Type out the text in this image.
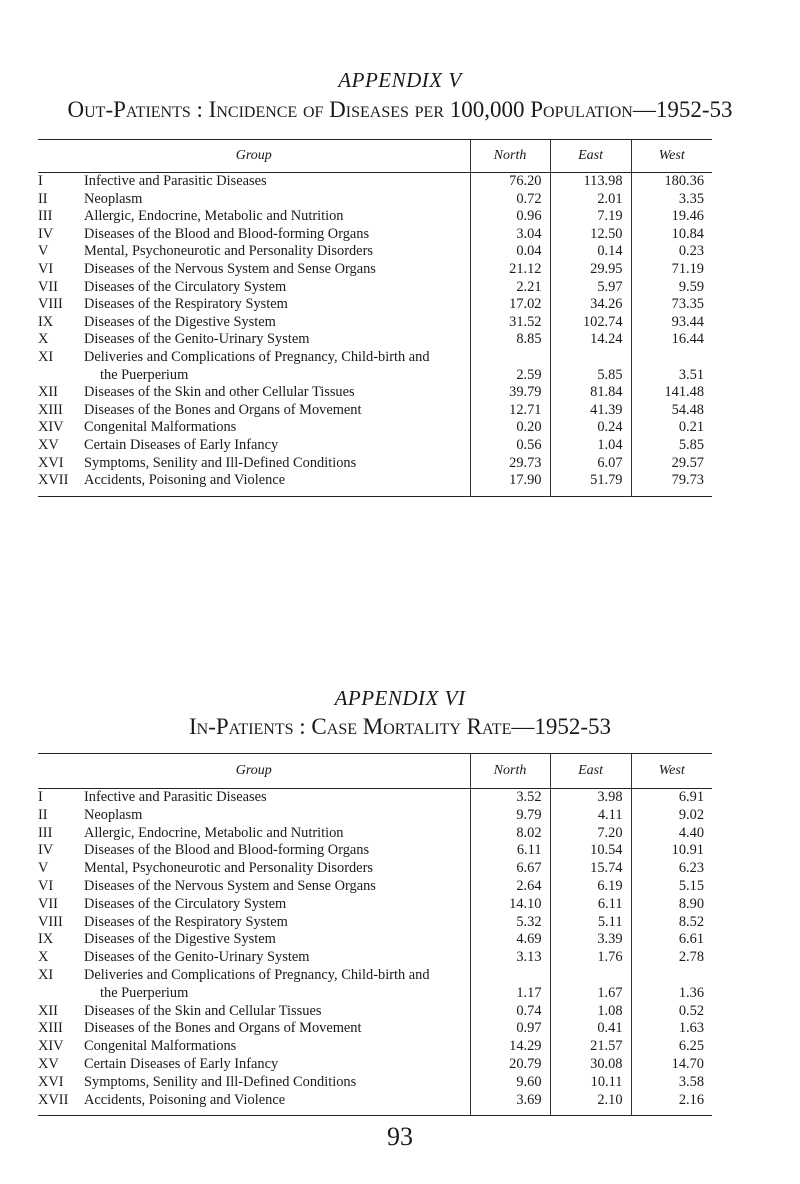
APPENDIX V
Out-Patients : Incidence of Diseases per 100,000 Population—1952-53
Group		North	East	West
I	Infective and Parasitic Diseases	76.20	113.98	180.36
II	Neoplasm	0.72	2.01	3.35
III	Allergic, Endocrine, Metabolic and Nutrition	0.96	7.19	19.46
IV	Diseases of the Blood and Blood-forming Organs	3.04	12.50	10.84
V	Mental, Psychoneurotic and Personality Disorders	0.04	0.14	0.23
VI	Diseases of the Nervous System and Sense Organs	21.12	29.95	71.19
VII	Diseases of the Circulatory System	2.21	5.97	9.59
VIII	Diseases of the Respiratory System	17.02	34.26	73.35
IX	Diseases of the Digestive System	31.52	102.74	93.44
X	Diseases of the Genito-Urinary System	8.85	14.24	16.44
XI	Deliveries and Complications of Pregnancy, Child-birth and
the Puerperium	2.59	5.85	3.51
XII	Diseases of the Skin and other Cellular Tissues	39.79	81.84	141.48
XIII	Diseases of the Bones and Organs of Movement	12.71	41.39	54.48
XIV	Congenital Malformations	0.20	0.24	0.21
XV	Certain Diseases of Early Infancy	0.56	1.04	5.85
XVI	Symptoms, Senility and Ill-Defined Conditions	29.73	6.07	29.57
XVII	Accidents, Poisoning and Violence	17.90	51.79	79.73

APPENDIX VI
In-Patients : Case Mortality Rate—1952-53
Group		North	East	West
I	Infective and Parasitic Diseases	3.52	3.98	6.91
II	Neoplasm	9.79	4.11	9.02
III	Allergic, Endocrine, Metabolic and Nutrition	8.02	7.20	4.40
IV	Diseases of the Blood and Blood-forming Organs	6.11	10.54	10.91
V	Mental, Psychoneurotic and Personality Disorders	6.67	15.74	6.23
VI	Diseases of the Nervous System and Sense Organs	2.64	6.19	5.15
VII	Diseases of the Circulatory System	14.10	6.11	8.90
VIII	Diseases of the Respiratory System	5.32	5.11	8.52
IX	Diseases of the Digestive System	4.69	3.39	6.61
X	Diseases of the Genito-Urinary System	3.13	1.76	2.78
XI	Deliveries and Complications of Pregnancy, Child-birth and
the Puerperium	1.17	1.67	1.36
XII	Diseases of the Skin and Cellular Tissues	0.74	1.08	0.52
XIII	Diseases of the Bones and Organs of Movement	0.97	0.41	1.63
XIV	Congenital Malformations	14.29	21.57	6.25
XV	Certain Diseases of Early Infancy	20.79	30.08	14.70
XVI	Symptoms, Senility and Ill-Defined Conditions	9.60	10.11	3.58
XVII	Accidents, Poisoning and Violence	3.69	2.10	2.16

93
